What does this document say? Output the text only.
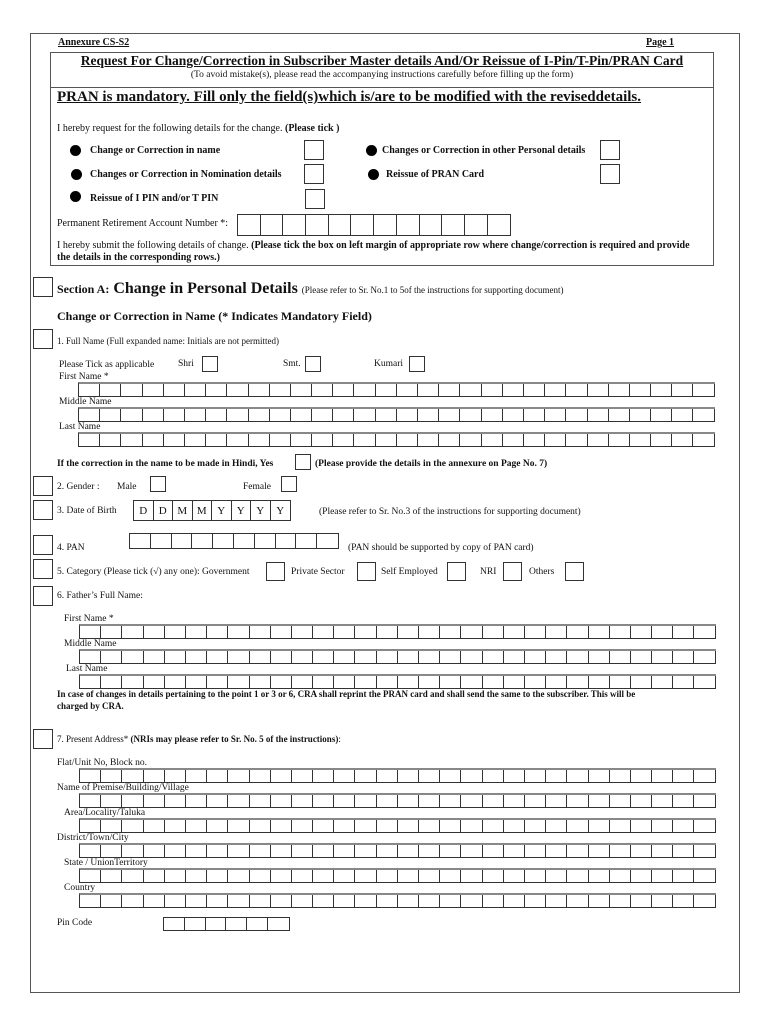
Annexure CS-S2	Page 1
Request For Change/Correction in Subscriber Master details And/Or Reissue of I-Pin/T-Pin/PRAN Card
(To avoid mistake(s), please read the accompanying instructions carefully before filling up the form)
PRAN is mandatory. Fill only the field(s)which is/are to be modified with the reviseddetails.
I hereby request for the following details for the change. (Please tick )
Change or Correction in name	Changes or Correction in other Personal details
Changes or Correction in Nomination details	Reissue of PRAN Card
Reissue of I PIN and/or T PIN
Permanent Retirement Account Number *:
I hereby submit the following details of change. (Please tick the box on left margin of appropriate row where change/correction is required and provide
the details in the corresponding rows.)
Section A: Change in Personal Details (Please refer to Sr. No.1 to 5of the instructions for supporting document)
Change or Correction in Name (* Indicates Mandatory Field)
1. Full Name (Full expanded name: Initials are not permitted)
Please Tick as applicable	Shri	Smt.	Kumari
First Name *
Middle Name
Last Name
If the correction in the name to be made in Hindi, Yes	(Please provide the details in the annexure on Page No. 7)
2. Gender : Male	Female
3. Date of Birth	D	D M M Y	Y	Y	Y	(Please refer to Sr. No.3 of the instructions for supporting document)
4. PAN	(PAN should be supported by copy of PAN card)
5. Category (Please tick (√) any one): Government	Private Sector	Self Employed	NRI	Others
6. Father’s Full Name:
First Name *
Middle Name
Last Name
In case of changes in details pertaining to the point 1 or 3 or 6, CRA shall reprint the PRAN card and shall send the same to the subscriber. This will be
charged by CRA.
7. Present Address* (NRIs may please refer to Sr. No. 5 of the instructions):
Flat/Unit No, Block no.
Name of Premise/Building/Village
Area/Locality/Taluka
District/Town/City
State / UnionTerritory
Country
Pin Code
